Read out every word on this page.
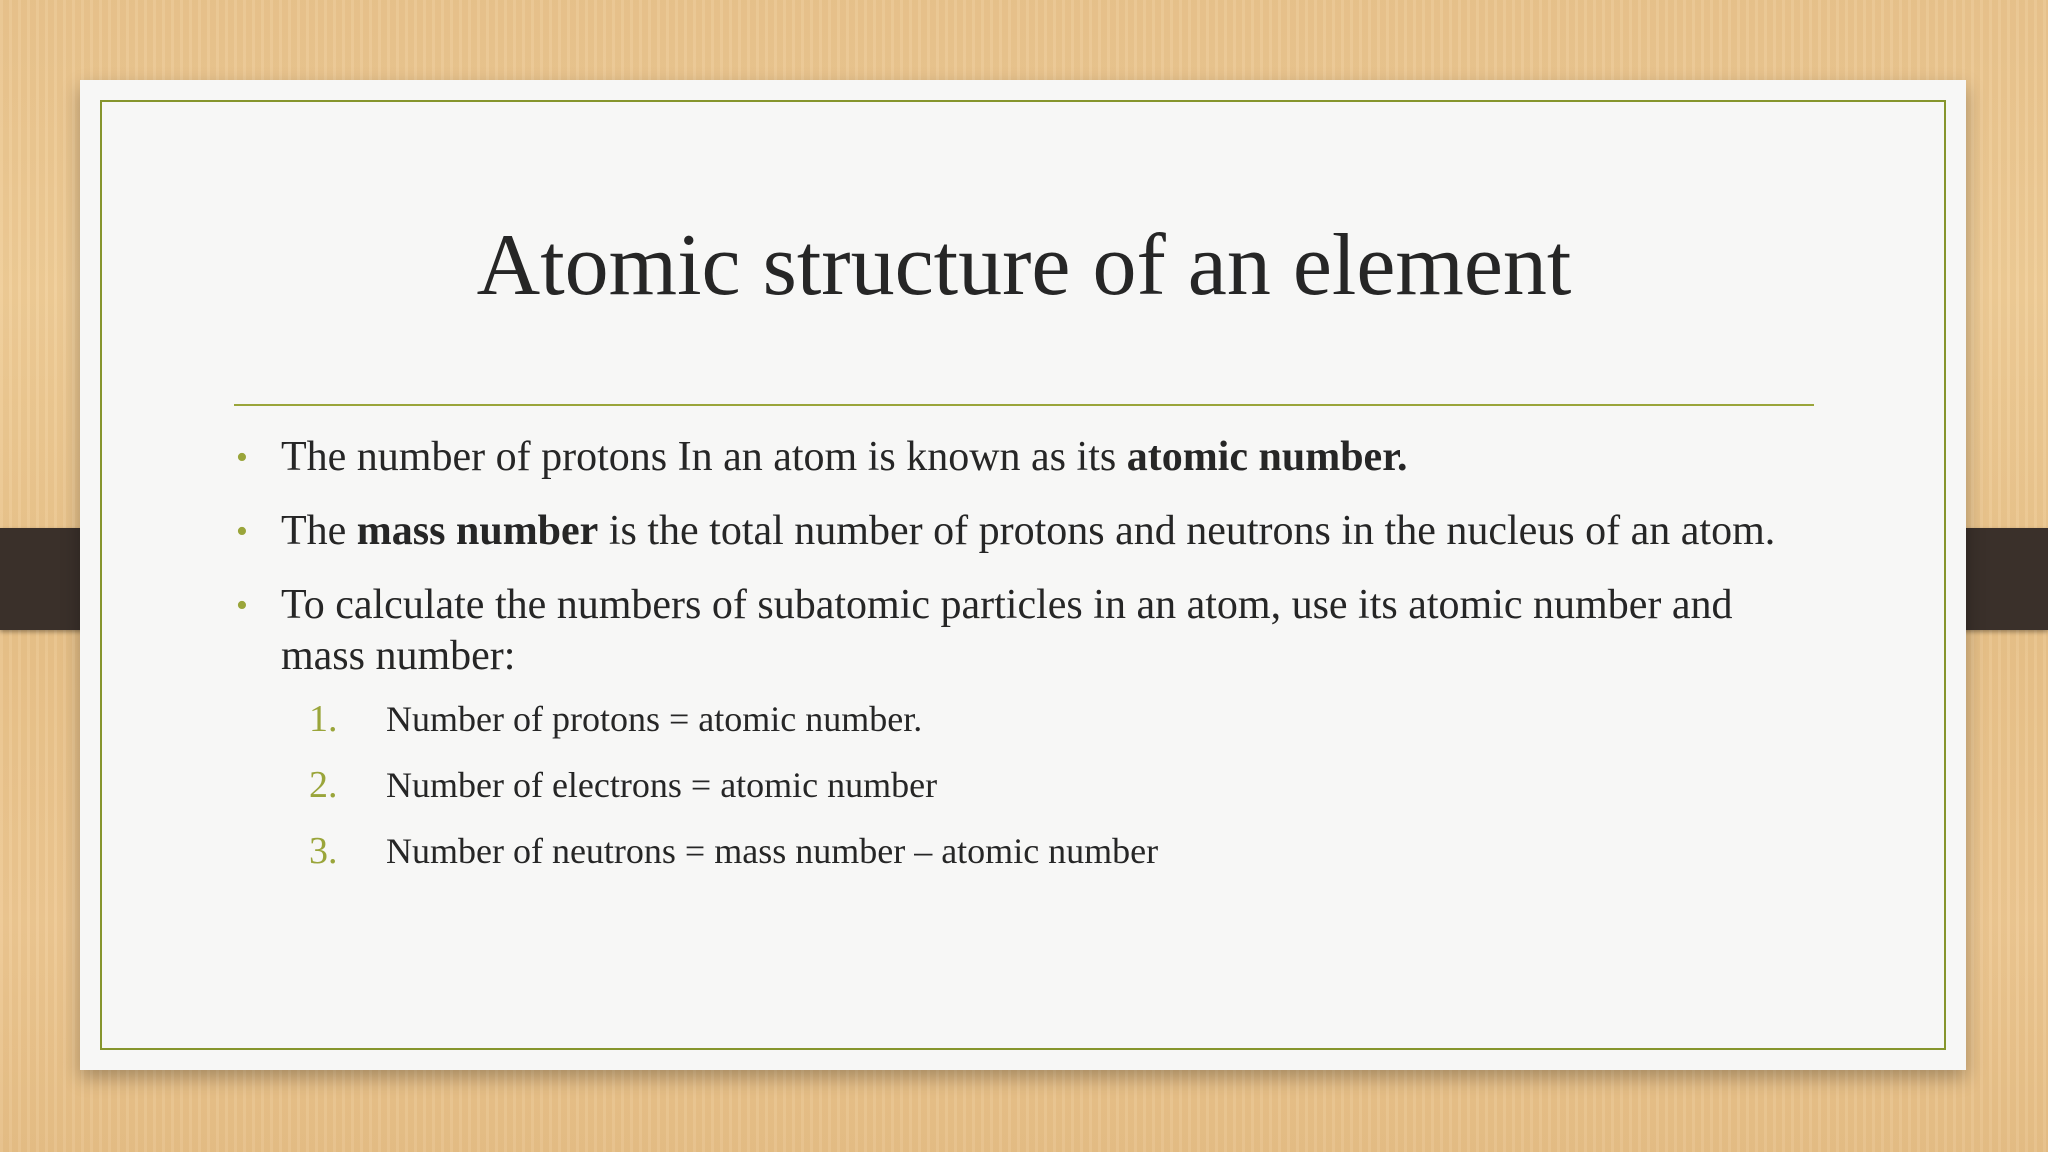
Atomic structure of an element
• The number of protons In an atom is known as its atomic number.
• The mass number is the total number of protons and neutrons in the nucleus of an atom.
• To calculate the numbers of subatomic particles in an atom, use its atomic number and mass number:
1. Number of protons = atomic number.
2. Number of electrons = atomic number
3. Number of neutrons = mass number – atomic number
